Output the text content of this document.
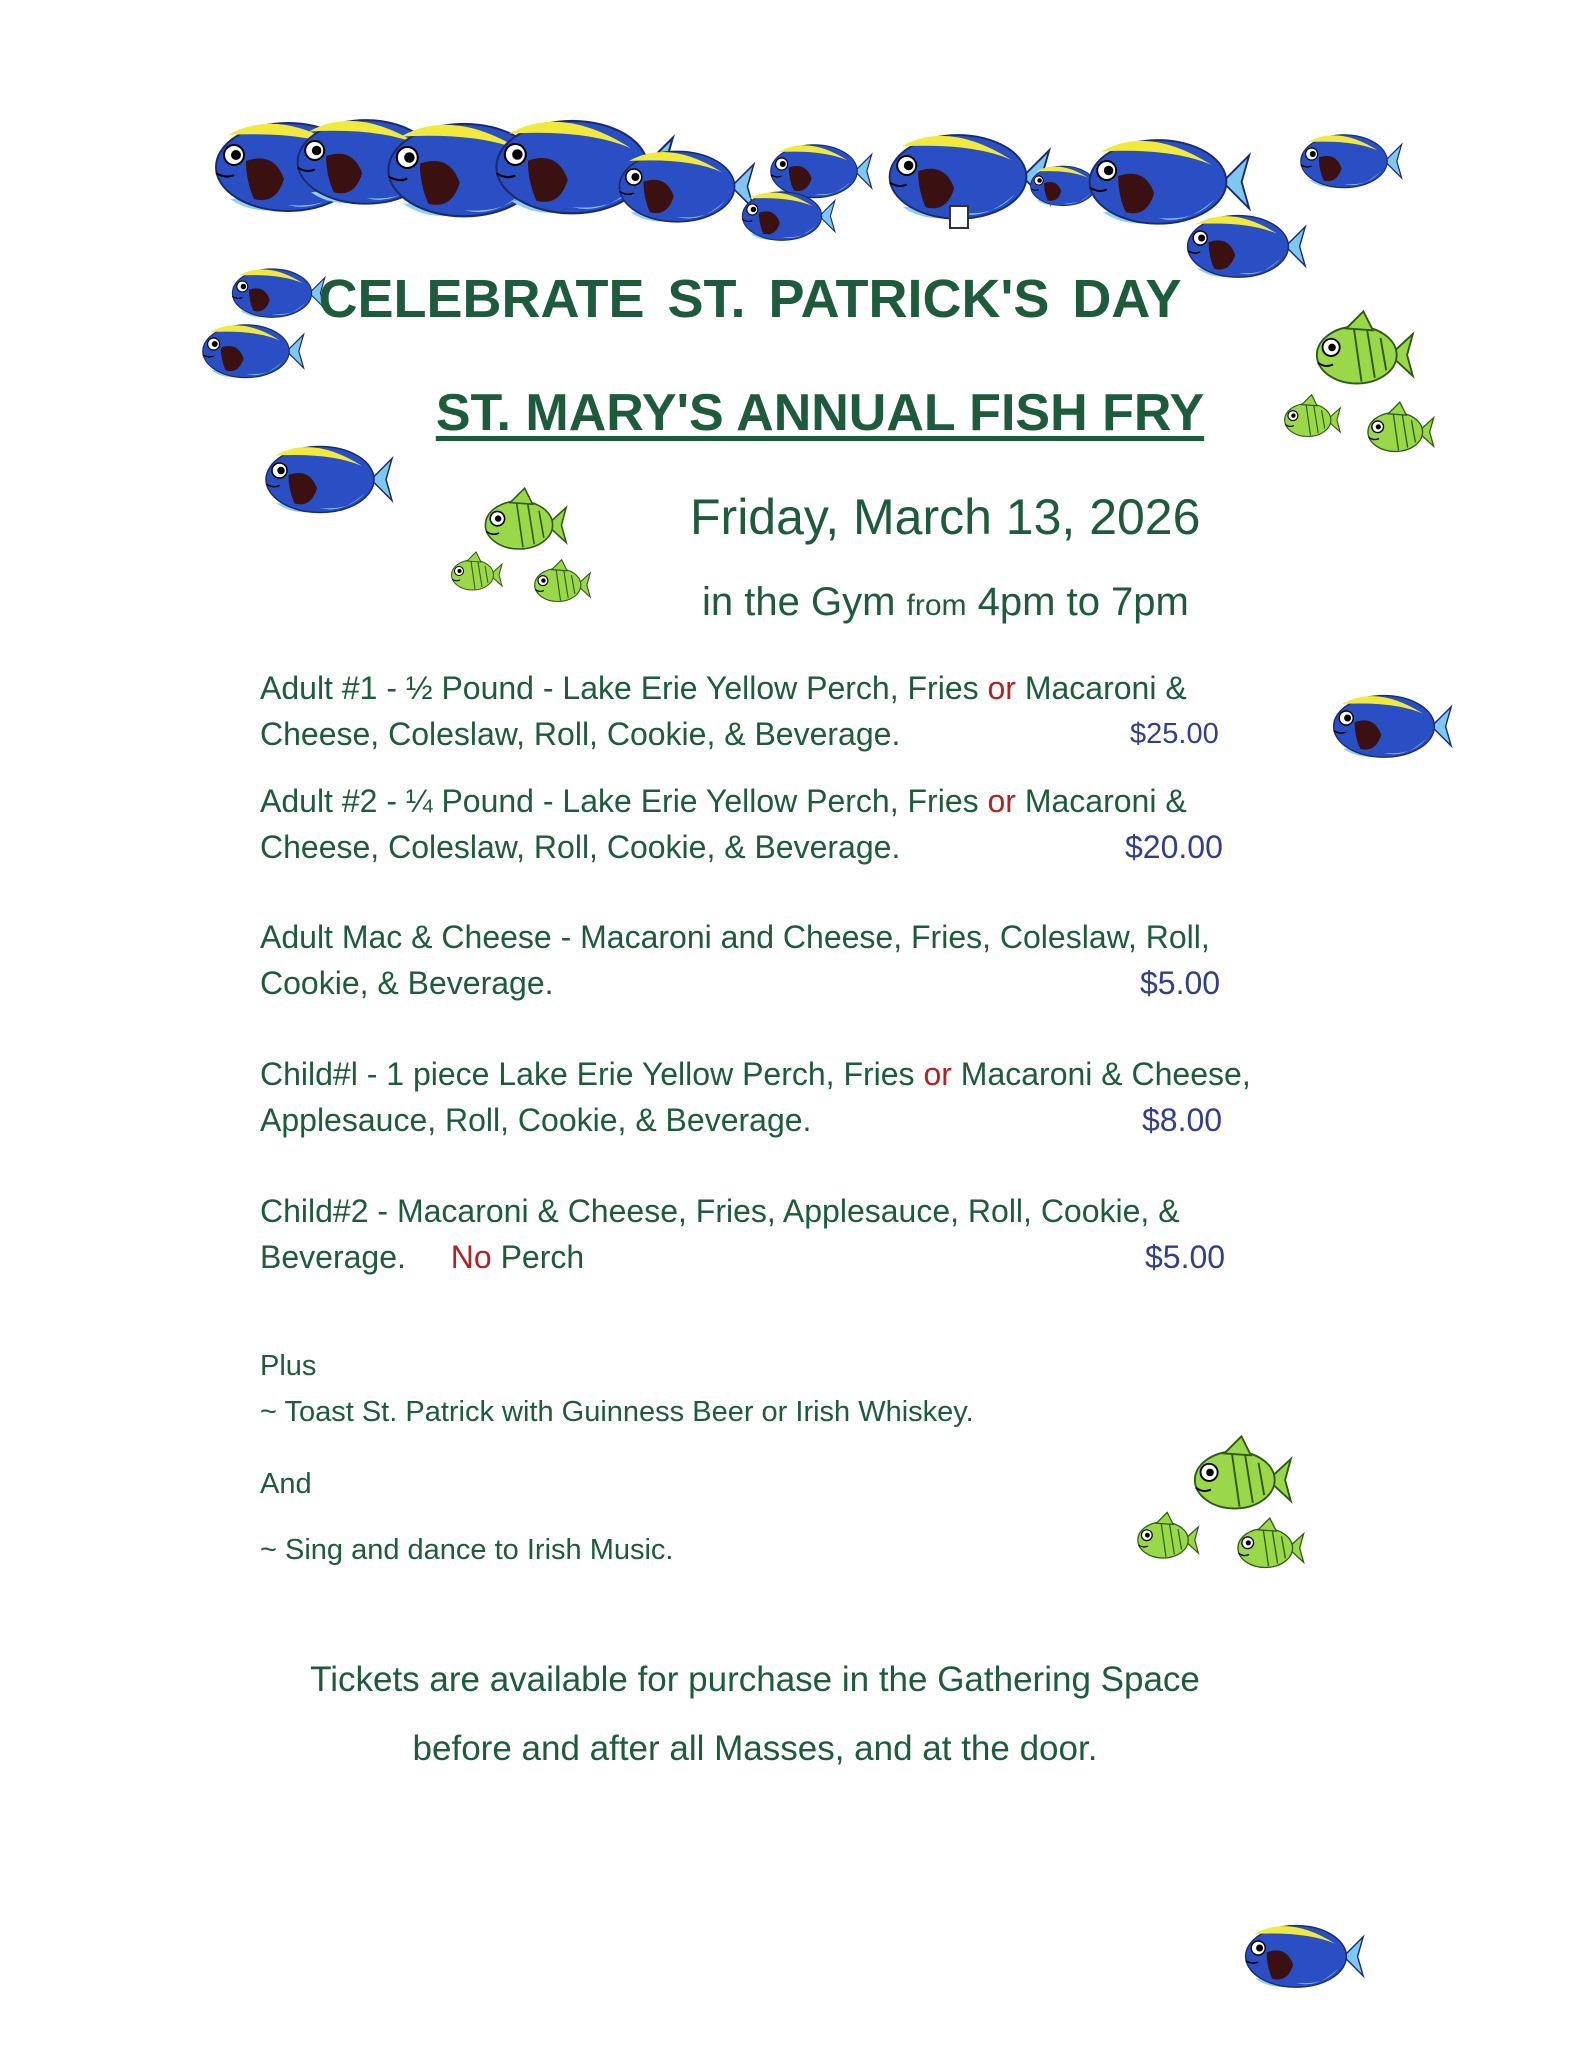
CELEBRATE ST. PATRICK'S DAY
ST. MARY'S ANNUAL FISH FRY
Friday, March 13, 2026
in the Gym from 4pm to 7pm
Adult #1 - ½ Pound - Lake Erie Yellow Perch, Fries or Macaroni &
Cheese, Coleslaw, Roll, Cookie, & Beverage.	$25.00
Adult #2 - ¼ Pound - Lake Erie Yellow Perch, Fries or Macaroni &
Cheese, Coleslaw, Roll, Cookie, & Beverage.	$20.00
Adult Mac & Cheese - Macaroni and Cheese, Fries, Coleslaw, Roll,
Cookie, & Beverage.	$5.00
Child#l - 1 piece Lake Erie Yellow Perch, Fries or Macaroni & Cheese,
Applesauce, Roll, Cookie, & Beverage.	$8.00
Child#2 - Macaroni & Cheese, Fries, Applesauce, Roll, Cookie, &
Beverage. No Perch	$5.00
Plus
~ Toast St. Patrick with Guinness Beer or Irish Whiskey.
And
~ Sing and dance to Irish Music.
Tickets are available for purchase in the Gathering Space
before and after all Masses, and at the door.
